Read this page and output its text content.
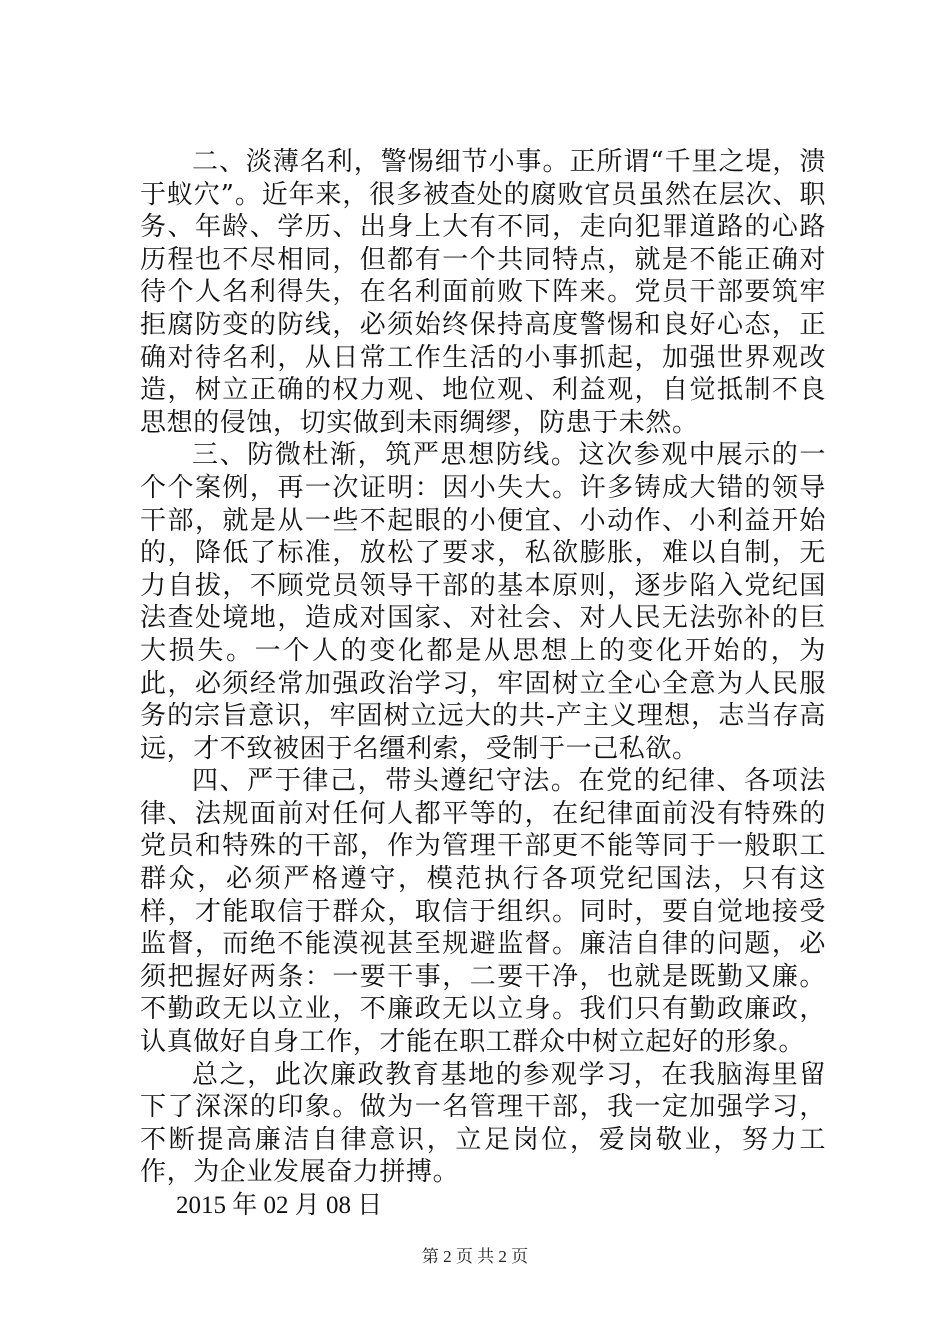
二、淡薄名利，警惕细节小事。正所谓“千里之堤，溃于蚁穴”。近年来，很多被查处的腐败官员虽然在层次、职务、年龄、学历、出身上大有不同，走向犯罪道路的心路历程也不尽相同，但都有一个共同特点，就是不能正确对待个人名利得失，在名利面前败下阵来。党员干部要筑牢拒腐防变的防线，必须始终保持高度警惕和良好心态，正确对待名利，从日常工作生活的小事抓起，加强世界观改造，树立正确的权力观、地位观、利益观，自觉抵制不良思想的侵蚀，切实做到未雨绸缪，防患于未然。

三、防微杜渐，筑严思想防线。这次参观中展示的一个个案例，再一次证明：因小失大。许多铸成大错的领导干部，就是从一些不起眼的小便宜、小动作、小利益开始的，降低了标准，放松了要求，私欲膨胀，难以自制，无力自拔，不顾党员领导干部的基本原则，逐步陷入党纪国法查处境地，造成对国家、对社会、对人民无法弥补的巨大损失。一个人的变化都是从思想上的变化开始的，为此，必须经常加强政治学习，牢固树立全心全意为人民服务的宗旨意识，牢固树立远大的共-产主义理想，志当存高远，才不致被困于名缰利索，受制于一己私欲。

四、严于律己，带头遵纪守法。在党的纪律、各项法律、法规面前对任何人都平等的，在纪律面前没有特殊的党员和特殊的干部，作为管理干部更不能等同于一般职工群众，必须严格遵守，模范执行各项党纪国法，只有这样，才能取信于群众，取信于组织。同时，要自觉地接受监督，而绝不能漠视甚至规避监督。廉洁自律的问题，必须把握好两条：一要干事，二要干净，也就是既勤又廉。不勤政无以立业，不廉政无以立身。我们只有勤政廉政，认真做好自身工作，才能在职工群众中树立起好的形象。

总之，此次廉政教育基地的参观学习，在我脑海里留下了深深的印象。做为一名管理干部，我一定加强学习，不断提高廉洁自律意识，立足岗位，爱岗敬业，努力工作，为企业发展奋力拼搏。

2015 年 02 月 08 日

第 2 页 共 2 页
